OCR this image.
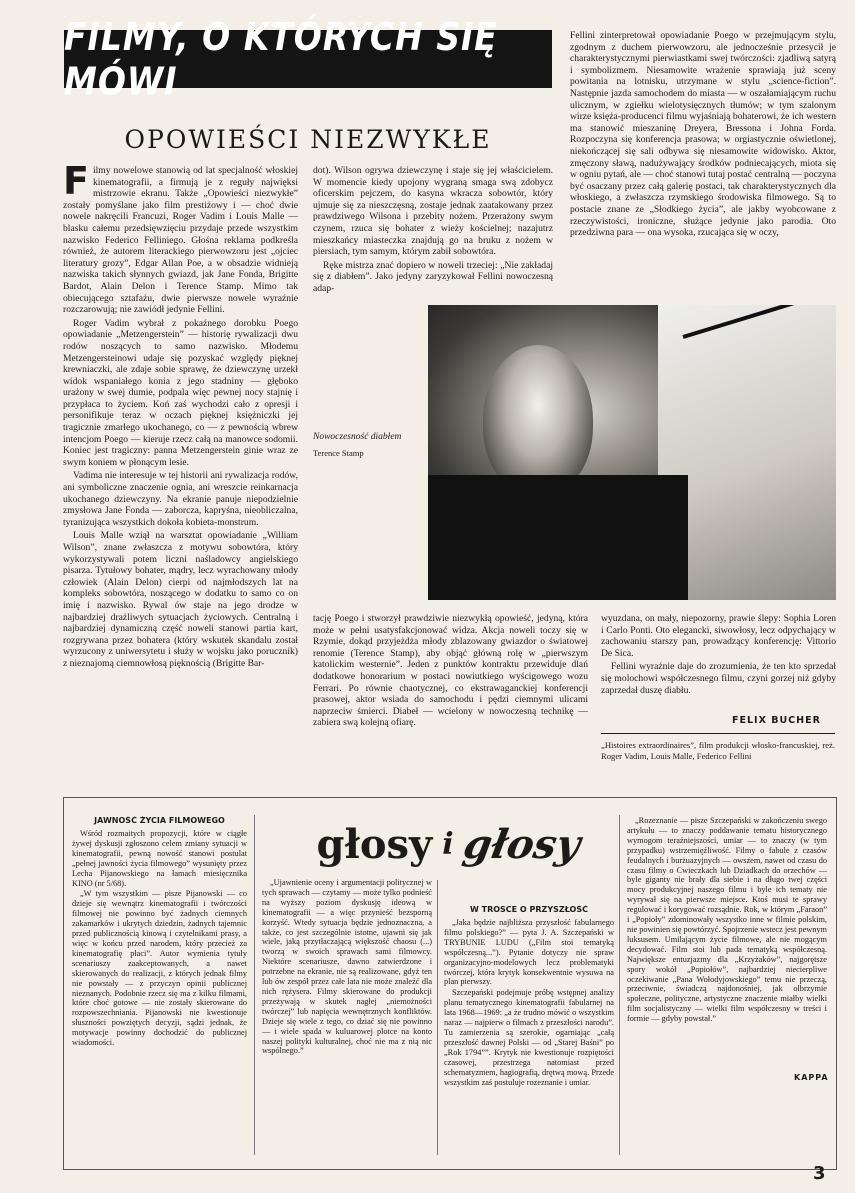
FILMY, O KTÓRYCH SIĘ MÓWI
OPOWIEŚCI NIEZWYKŁE

Filmy nowelowe stanowią od lat specjalność włoskiej kinematografii, a firmują je z reguły najwięksi mistrzowie ekranu. Także „Opowieści niezwykłe” zostały pomyślane jako film prestiżowy i — choć dwie nowele nakręcili Francuzi, Roger Vadim i Louis Malle — blasku całemu przedsięwzięciu przydaje przede wszystkim nazwisko Federico Felliniego. Głośna reklama podkreśla również, że autorem literackiego pierwowzoru jest „ojciec literatury grozy”, Edgar Allan Poe, a w obsadzie widnieją nazwiska takich słynnych gwiazd, jak Jane Fonda, Brigitte Bardot, Alain Delon i Terence Stamp. Mimo tak obiecującego sztafażu, dwie pierwsze nowele wyraźnie rozczarowują; nie zawiódł jedynie Fellini.

Roger Vadim wybrał z pokaźnego dorobku Poego opowiadanie „Metzengerstein” — historię rywalizacji dwu rodów noszących to samo nazwisko. Młodemu Metzengersteinowi udaje się pozyskać względy pięknej krewniaczki, ale zdaje sobie sprawę, że dziewczynę urzekł widok wspaniałego konia z jego stadniny — głęboko urażony w swej dumie, podpala więc pewnej nocy stajnię i przypłaca to życiem. Koń zaś wychodzi cało z opresji i personifikuje teraz w oczach pięknej księżniczki jej tragicznie zmarłego ukochanego, co — z pewnością wbrew intencjom Poego — kieruje rzecz całą na manowce sodomii. Koniec jest tragiczny: panna Metzengerstein ginie wraz ze swym koniem w płonącym lesie.

Vadima nie interesuje w tej historii ani rywalizacja rodów, ani symboliczne znaczenie ognia, ani wreszcie reinkarnacja ukochanego dziewczyny. Na ekranie panuje niepodzielnie zmysłowa Jane Fonda — zaborcza, kapryśna, nieobliczalna, tyranizująca wszystkich dokoła kobieta-monstrum.

Louis Malle wziął na warsztat opowiadanie „William Wilson”, znane zwłaszcza z motywu sobowtóra, który wykorzystywali potem liczni naśladowcy angielskiego pisarza. Tytułowy bohater, mądry, lecz wyrachowany młody człowiek (Alain Delon) cierpi od najmłodszych lat na kompleks sobowtóra, noszącego w dodatku to samo co on imię i nazwisko. Rywal ów staje na jego drodze w najbardziej drażliwych sytuacjach życiowych. Centralną i najbardziej dynamiczną część noweli stanowi partia kart, rozgrywana przez bohatera (który wskutek skandalu został wyrzucony z uniwersytetu i służy w wojsku jako porucznik) z nieznajomą ciemnowłosą pięknością (Brigitte Bar-

dot). Wilson ogrywa dziewczynę i staje się jej właścicielem. W momencie kiedy upojony wygraną smaga swą zdobycz oficerskim pejczem, do kasyna wkracza sobowtór, który ujmuje się za nieszczęsną, zostaje jednak zaatakowany przez prawdziwego Wilsona i przebity nożem. Przerażony swym czynem, rzuca się bohater z wieży kościelnej; nazajutrz mieszkańcy miasteczka znajdują go na bruku z nożem w piersiach, tym samym, którym zabił sobowtóra.

Ręke mistrza znać dopiero w noweli trzeciej: „Nie zakładaj się z diabłem”. Jako jedyny zaryzykował Fellini nowoczesną adap-

Fellini zinterpretował opowiadanie Poego w przejmującym stylu, zgodnym z duchem pierwowzoru, ale jednocześnie przesycił je charakterystycznymi pierwiastkami swej twórczości: zjadliwą satyrą i symbolizmem. Niesamowite wrażenie sprawiają już sceny powitania na lotnisku, utrzymane w stylu „science-fiction”. Następnie jazda samochodem do miasta — w oszałamiającym ruchu ulicznym, w zgiełku wielotysięcznych tłumów; w tym szalonym wirze księża-producenci filmu wyjaśniają bohaterowi, że ich western ma stanowić mieszaninę Dreyera, Bressona i Johna Forda. Rozpoczyna się konferencja prasowa; w orgiastycznie oświetlonej, niekończącej się sali odbywa się niesamowite widowisko. Aktor, zmęczony sławą, nadużywający środków podniecających, miota się w ogniu pytań, ale — choć stanowi tutaj postać centralną — poczyna być osaczany przez całą galerię postaci, tak charakterystycznych dla włoskiego, a zwłaszcza rzymskiego środowiska filmowego. Są to postacie znane ze „Słodkiego życia”, ale jakby wyobcowane z rzeczywistości, ironiczne, służące jedynie jako parodia. Oto przedziwna para — ona wysoka, rzucająca się w oczy,

Nowoczesność diabłem
Terence Stamp

tację Poego i stworzył prawdziwie niezwykłą opowieść, jedyną, która może w pełni usatysfakcjonować widza. Akcja noweli toczy się w Rzymie, dokąd przyjeżdża młody zblazowany gwiazdor o światowej renomie (Terence Stamp), aby objąć główną rolę w „pierwszym katolickim westernie”. Jeden z punktów kontraktu przewiduje dlań dodatkowe honorarium w postaci nowiutkiego wyścigowego wozu Ferrari. Po równie chaotycznej, co ekstrawaganckiej konferencji prasowej, aktor wsiada do samochodu i pędzi ciemnymi ulicami naprzeciw śmierci. Diabeł — wcielony w nowoczesną technikę — zabiera swą kolejną ofiarę.

wyuzdana, on mały, niepozorny, prawie ślepy: Sophia Loren i Carlo Ponti. Oto elegancki, siwowłosy, lecz odpychający w zachowaniu starszy pan, prowadzący konferencję: Vittorio De Sica.

Fellini wyraźnie daje do zrozumienia, że ten kto sprzedał się molochowi współczesnego filmu, czyni gorzej niż gdyby zaprzedał duszę diabłu.

FELIX BUCHER
„Histoires extraordinaires”, film produkcji włosko-francuskiej, reż. Roger Vadim, Louis Malle, Federico Fellini

JAWNOŚĆ ŻYCIA FILMOWEGO

Wśród rozmaitych propozycji, które w ciągłe żywej dyskusji zgłoszono celem zmiany sytuacji w kinematografii, pewną nowość stanowi postulat „pełnej jawności życia filmowego” wysunięty przez Lecha Pijanowskiego na łamach miesięcznika KINO (nr 5/68).

„W tym wszystkim — pisze Pijanowski — co dzieje się wewnątrz kinematografii i twórczości filmowej nie powinno być żadnych ciemnych zakamarków i ukrytych dziedzin, żadnych tajemnic przed publicznością kinową i czytelnikami prasy, a więc w końcu przed narodem, który przecież za kinematografię płaci”. Autor wymienia tytuły scenariuszy zaakceptowanych, a nawet skierowanych do realizacji, z których jednak filmy nie powstały — z przyczyn opinii publicznej nieznanych. Podobnie rzecz się ma z kilku filmami, które choć gotowe — nie zostały skierowane do rozpowszechniania. Pijanowski nie kwestionuje słuszności powziętych decyzji, sądzi jednak, że motywacje powinny dochodzić do publicznej wiadomości.

głosy i głosy

„Ujawnienie oceny i argumentacji politycznej w tych sprawach — czytamy — może tylko podnieść na wyższy poziom dyskusję ideową w kinematografii — a więc przynieść bezsporną korzyść. Wtedy sytuacja będzie jednoznaczna, a także, co jest szczególnie istotne, ujawni się jak wiele, jaką przytłaczającą większość chaosu (...) tworzą w swoich sprawach sami filmowcy. Niektóre scenariusze, dawno zatwierdzone i potrzebne na ekranie, nie są realizowane, gdyż ten lub ów zespół przez całe lata nie może znaleźć dla nich rężysera. Filmy skierowane do produkcji przeżywają w skutek nagłej „niemożności twórczej” lub napięcia wewnętrznych konfliktów. Dzieje się wiele z tego, co dziać się nie powinno — i wiele spada w kuluarowej plotce na konto naszej polityki kulturalnej, choć nie ma z nią nic wspólnego.”

W TROSCE O PRZYSZŁOŚĆ

„Jaka będzie najbliższa przyszłość fabularnego filmu polskiego?” — pyta J. A. Szczepański w TRYBUNIE LUDU („Film stoi tematyką współczesną...”). Pytanie dotyczy nie spraw organizacyjno-modelowych lecz problematyki twórczej, która krytyk konsekwentnie wysuwa na plan pierwszy.

Szczepański podejmuje próbę wstępnej analizy planu tematycznego kinematografii fabularnej na lata 1968—1969: „a że trudno mówić o wszystkim naraz — najpierw o filmach z przeszłości narodu”. Tu zamierzenia są szerokie, ogarniając „całą przeszłość dawnej Polski — od „Starej Baśni” po „Rok 1794””. Krytyk nie kwestionuje rozpiętości czasowej, przestrzega natomiast przed schematyzmem, hagiografią, drętwą mową. Przede wszystkim zaś postuluje rozeznanie i umiar.

„Rozeznanie — pisze Szczepański w zakończeniu swego artykułu — to znaczy poddawanie tematu historycznego wymogom teraźniejszości, umiar — to znaczy (w tym przypadku) wstrzemięźliwość. Filmy o fabule z czasów feudalnych i burżuazyjnych — owszem, nawet od czasu do czasu filmy o Cwieczkach lub Dziadkach do orzechów — byle giganty nie brały dla siebie i na długo twej części mocy produkcyjnej naszego filmu i byle ich tematy nie wyrywał się na pierwsze miejsce. Ktoś musi te sprawy regulować i korygować rozsądnie. Rok, w którym „Faraon” i „Popioły” zdominowały wszystko inne w filmie polskim, nie powinien się powtórzyć. Spojrzenie wstecz jest pewnym luksusem. Umilającym życie filmowe, ale nie mogącym decydować. Film stoi lub pada tematyką współczesną. Największe entuzjazmy dla „Krzyżaków”, najgorętsze spory wokół „Popiołów”, najbardziej niecierpliwe oczekiwanie „Pana Wołodyjowskiego” temu nie przeczą, przeciwnie, świadczą najdonośniej, jak olbrzymie społeczne, polityczne, artystyczne znaczenie miałby wielki film socjalistyczny — wielki film współczesny w treści i formie — gdyby powstał.”

KAPPA
3
